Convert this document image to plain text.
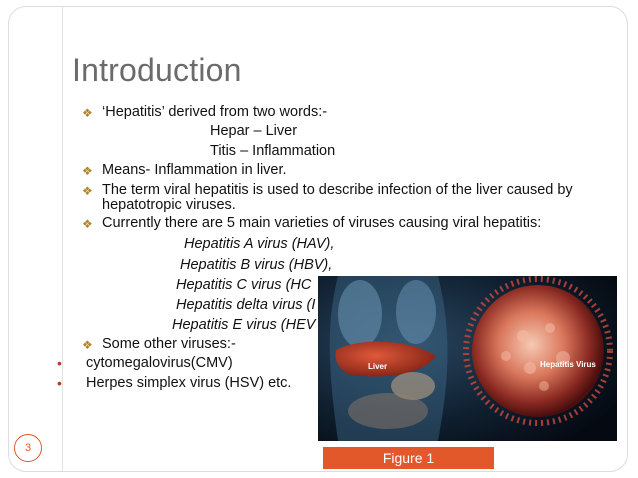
Introduction
❖ ‘Hepatitis’ derived from two words:-
Hepar – Liver
Titis – Inflammation
❖ Means- Inflammation in liver.
❖ The term viral hepatitis is used to describe infection of the liver caused by
hepatotropic viruses.
❖ Currently there are 5 main varieties of viruses causing viral hepatitis:
Hepatitis A virus (HAV),
Hepatitis B virus (HBV),
Hepatitis C virus (HC
Hepatitis delta virus (I
Hepatitis E virus (HEV
❖ Some other viruses:-
• cytomegalovirus(CMV)
• Herpes simplex virus (HSV) etc.
Liver	Hepatitis Virus
Figure 1
3
